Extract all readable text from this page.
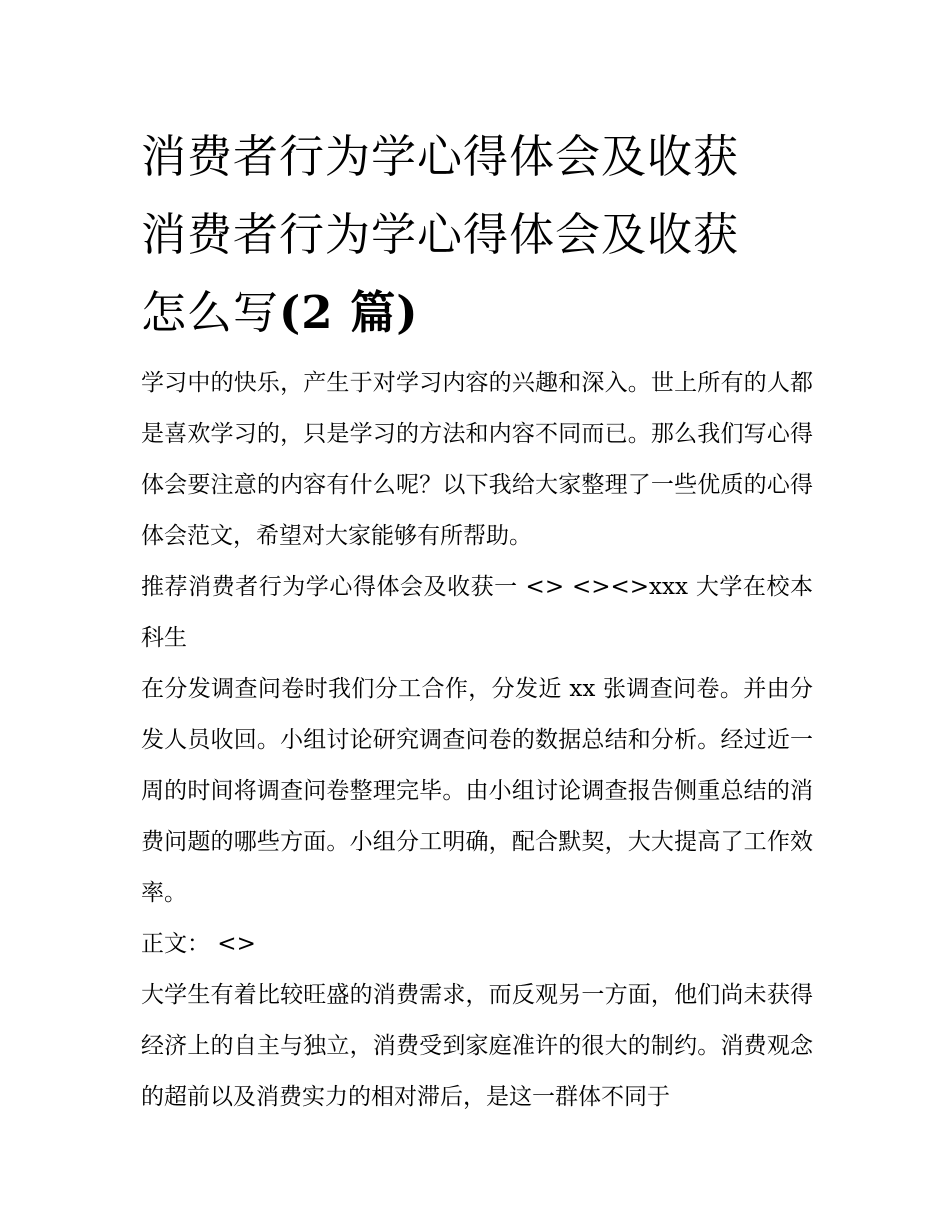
消费者行为学心得体会及收获
消费者行为学心得体会及收获
怎么写(2 篇)

学习中的快乐，产生于对学习内容的兴趣和深入。世上所有的人都是喜欢学习的，只是学习的方法和内容不同而已。那么我们写心得体会要注意的内容有什么呢？以下我给大家整理了一些优质的心得体会范文，希望对大家能够有所帮助。

推荐消费者行为学心得体会及收获一 <> <><>xxx 大学在校本科生

在分发调查问卷时我们分工合作，分发近 xx 张调查问卷。并由分发人员收回。小组讨论研究调查问卷的数据总结和分析。经过近一周的时间将调查问卷整理完毕。由小组讨论调查报告侧重总结的消费问题的哪些方面。小组分工明确，配合默契，大大提高了工作效率。

正文： <>

大学生有着比较旺盛的消费需求，而反观另一方面，他们尚未获得经济上的自主与独立，消费受到家庭准许的很大的制约。消费观念的超前以及消费实力的相对滞后，是这一群体不同于
